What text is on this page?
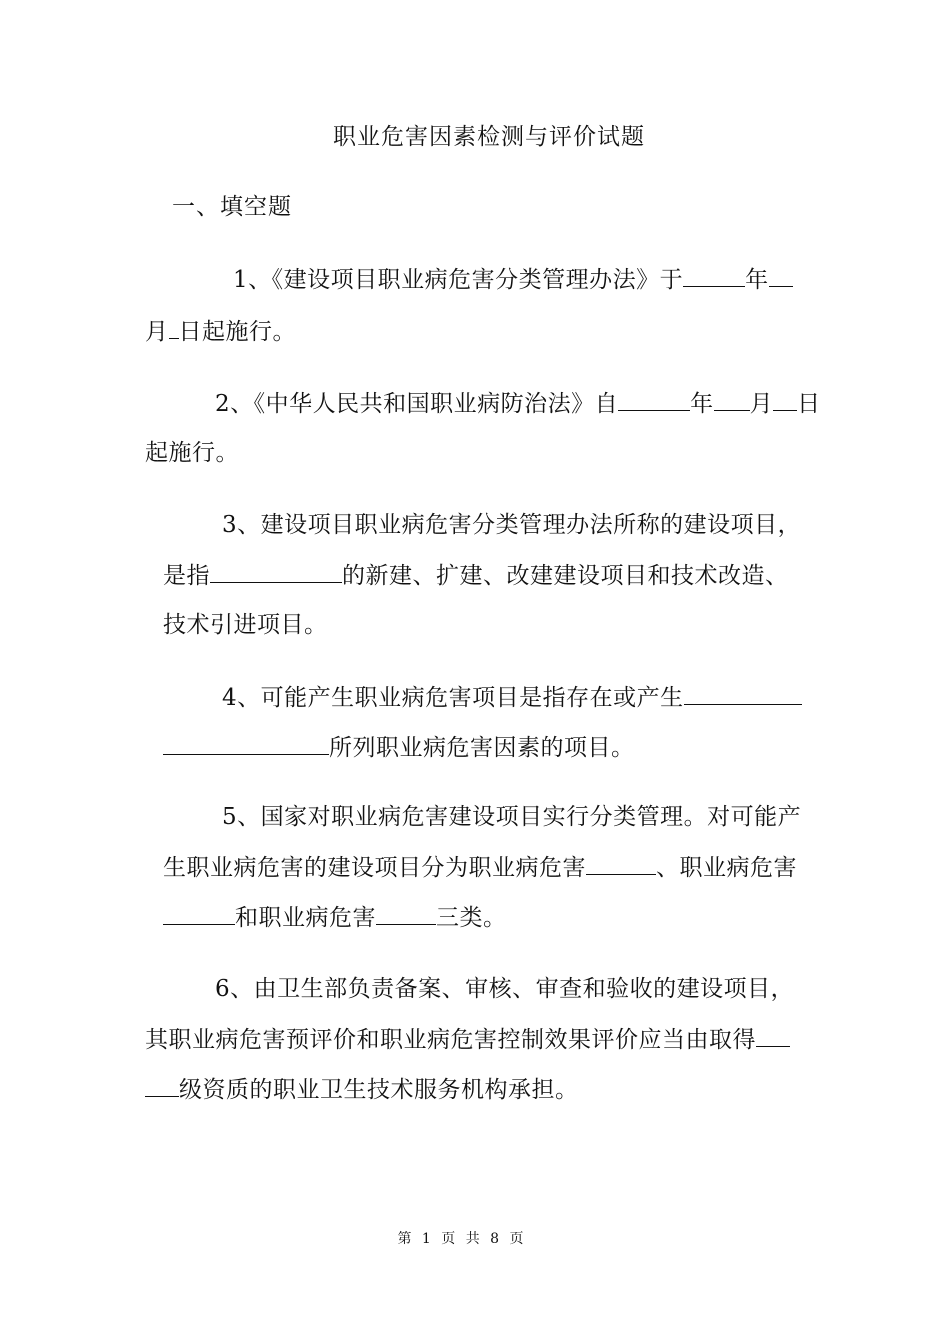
职业危害因素检测与评价试题
一、填空题
1、《建设项目职业病危害分类管理办法》于	年
月 日起施行。
2、《中华人民共和国职业病防治法》自	年 月 日
起施行。
3、建设项目职业病危害分类管理办法所称的建设项目，
是指	的新建、扩建、改建建设项目和技术改造、
技术引进项目。
4、可能产生职业病危害项目是指存在或产生
所列职业病危害因素的项目。
5、国家对职业病危害建设项目实行分类管理。对可能产
生职业病危害的建设项目分为职业病危害	、职业病危害
和职业病危害	三类。
6、由卫生部负责备案、审核、审查和验收的建设项目，
其职业病危害预评价和职业病危害控制效果评价应当由取得
级资质的职业卫生技术服务机构承担。
第 1 页 共 8 页
